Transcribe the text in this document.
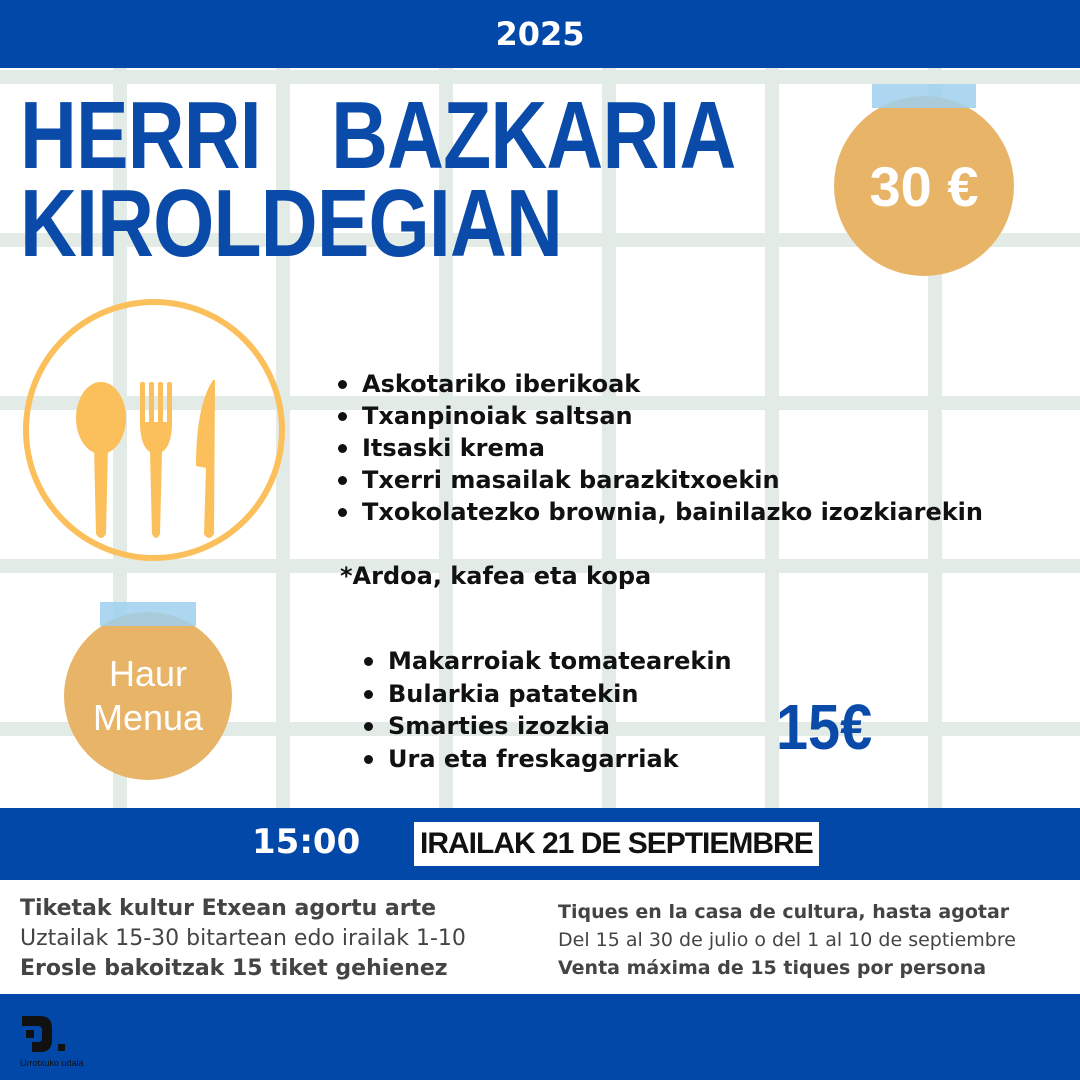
2025
HERRI BAZKARIA
KIROLDEGIAN	30 €
Askotariko iberikoak
Txanpinoiak saltsan
Itsaski krema
Txerri masailak barazkitxoekin
Txokolatezko brownia, bainilazko izozkiarekin
*Ardoa, kafea eta kopa
Haur
Menua
Makarroiak tomatearekin
Bularkia patatekin
Smarties izozkia
Ura eta freskagarriak	15€
15:00 IRAILAK 21 DE SEPTIEMBRE
Tiketak kultur Etxean agortu arte
Uztailak 15-30 bitartean edo irailak 1-10
Erosle bakoitzak 15 tiket gehienez
Tiques en la casa de cultura, hasta agotar
Del 15 al 30 de julio o del 1 al 10 de septiembre
Venta máxima de 15 tiques por persona
Urrotxuko udala
